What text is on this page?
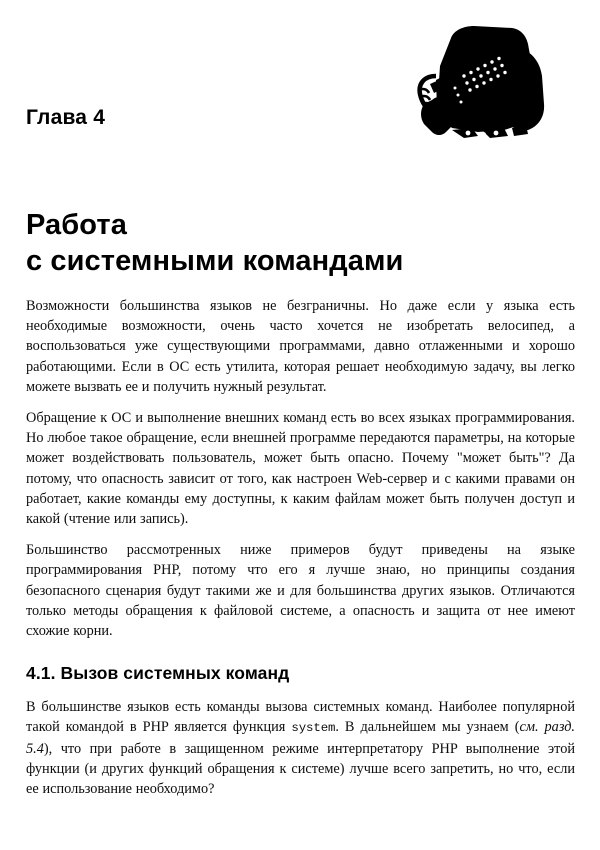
Глава 4
Работа
с системными командами

Возможности большинства языков не безграничны. Но даже если у языка есть необходимые возможности, очень часто хочется не изобретать велосипед, а воспользоваться уже существующими программами, давно отлаженными и хорошо работающими. Если в ОС есть утилита, которая решает необходимую задачу, вы легко можете вызвать ее и получить нужный результат.

Обращение к ОС и выполнение внешних команд есть во всех языках программирования. Но любое такое обращение, если внешней программе передаются параметры, на которые может воздействовать пользователь, может быть опасно. Почему "может быть"? Да потому, что опасность зависит от того, как настроен Web-сервер и с какими правами он работает, какие команды ему доступны, к каким файлам может быть получен доступ и какой (чтение или запись).

Большинство рассмотренных ниже примеров будут приведены на языке программирования PHP, потому что его я лучше знаю, но принципы создания безопасного сценария будут такими же и для большинства других языков. Отличаются только методы обращения к файловой системе, а опасность и защита от нее имеют схожие корни.

4.1. Вызов системных команд

В большинстве языков есть команды вызова системных команд. Наиболее популярной такой командой в PHP является функция system. В дальнейшем мы узнаем (см. разд. 5.4), что при работе в защищенном режиме интерпретатору PHP выполнение этой функции (и других функций обращения к системе) лучше всего запретить, но что, если ее использование необходимо?
